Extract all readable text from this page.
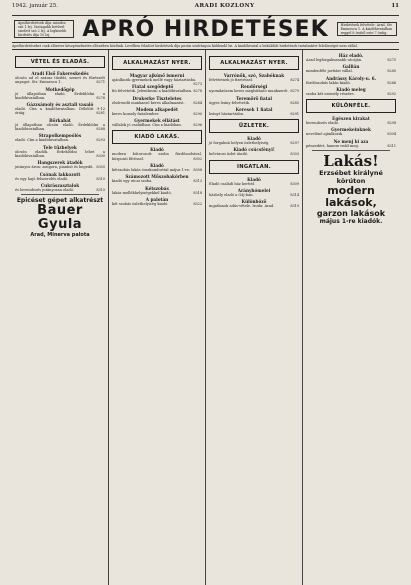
1942. január 25.	ARADI KOZLONY	11
Apróhirdetések díja: minden szó 1 lej. Vastagabb betűvel szedett szó 2 lej. A legkisebb hirdetés díja 10 lej.	APRÓ HIRDETÉSEK	Hirdetések felvétele: Arad, Str. Eminescu 1. A kiadóhivatalban reggel 8 órától este 7 óráig.
Apróhirdetéseket csak előzetes készpénzfizetés ellenében közlünk. Levélben feladott hirdetések díja postai utalványon küldendő be. A kiadóhivatal a beküldött hirdetések tartalmáért felelősséget nem vállal.
VÉTEL ÉS ELADÁS.
Aradi Első Fakereskedés
olcsón ad el száraz tűzifát, szenet és fűrészelt anyagot. Str. Eminescu 1.	8271
Motkedőgép
jó állapotban eladó. Érdeklődni a kiadóhivatalban.	8276
Gázzsámoly és asztali vasaló
eladó. Cím a kiadóhivatalban. Délelőtt 9-12 óráig.	8281
Bőrkabát
jó állapotban olcsón eladó. Érdeklődni a kiadóhivatalban.	8288
Strapolkempoólós
eladó. Cím a kiadóhivatalban.	8293
Tele tűzhelyek
olcsón eladók. Érdeklődni lehet a kiadóhivatalban.	8300
Hangszerek átadók
jutányos áron: zongora, pianínó és hegedű. 8305
Csónak lakkozott
és egy hajó felszerelés eladó.	8310
Cukrászasztalok
és berendezés jutányosan eladó.	8315
Epicéset gépet alkatrészt
Bauer Gyula
Arad, Minerva palota
ALKALMAZÁST NYER.
Magyar ajkúnő ismerni
ajánlkozik gyermekek mellé vagy háztartásba.
8273
Fiatal szegődeptő
fiú felvétetik. Jelentkezni a kiadóhivatalban. 8278
Drukerke Tiszteletes
elsőrendű munkaerő keres alkalmazást.	8284
Modem alkapedét
keres komoly fiatalember.	8290
Gyermekek ellátást
vállalok jó családban. Cím a kiadóban.	8296
KIADÓ LAKÁS.
Kiadó
modern bútorozott szoba fürdőszobával, központi fűtéssel.	8302
Kiadó
kétszobás lakás összkomforttal május 1-re. 8308
Számozott Műszobakörben
kiadó egy utcai szoba.	8313
Kétszobás
lakás mellékhelyiségekkel kiadó.	8318
A palotán
két szobás üzlethelyiség kiadó.	8322
ALKALMAZÁST NYER.
Varrónők, szó, Szabóknak
felvétetnek jó fizetéssel.	8274
Rendőrségi
nyomdaüzem keres megbízható munkaerőt. 8279
Teremőrő fiatal
ügyes leány felvétetik.	8285
Keresek 1 fiatal
leányt háztartásba.	8291
ÜZLETEK.
Kiadó
jó forgalmú helyen üzlethelyiség.	8297
Kiadó csúcsfényi!
belvárosi üzlet átadó.	8303
INGATLAN.
Kiadó
Eladó családi ház kerttel.	8309
Arányhómelei
házhely eladó a Gáj-ban.	8314
Különböző
ingatlanok adás-vétele. Iroda: Arad.	8319
Ház eladó.
Arad legforgalmasabb utcáján.	8275
Gallián
mindenféle javítást vállal.	8280
Andrássy Károly-u. 6.
fürdőszobás lakás kiadó.	8286
Kiadó meleg
szoba két személy részére.	8292
KÜLÖNFÉLE.
Egészen kirakat
berendezés eladó.	8298
Gyermekeinknek
nevelőnő ajánlkozik.	8304
Ne menj ki aza
pénzedért, hanem vedd meg.	8311
Lakás!
Erzsébet királyné körúton
modern lakások,
garzon lakások
május 1-re kiadók.
